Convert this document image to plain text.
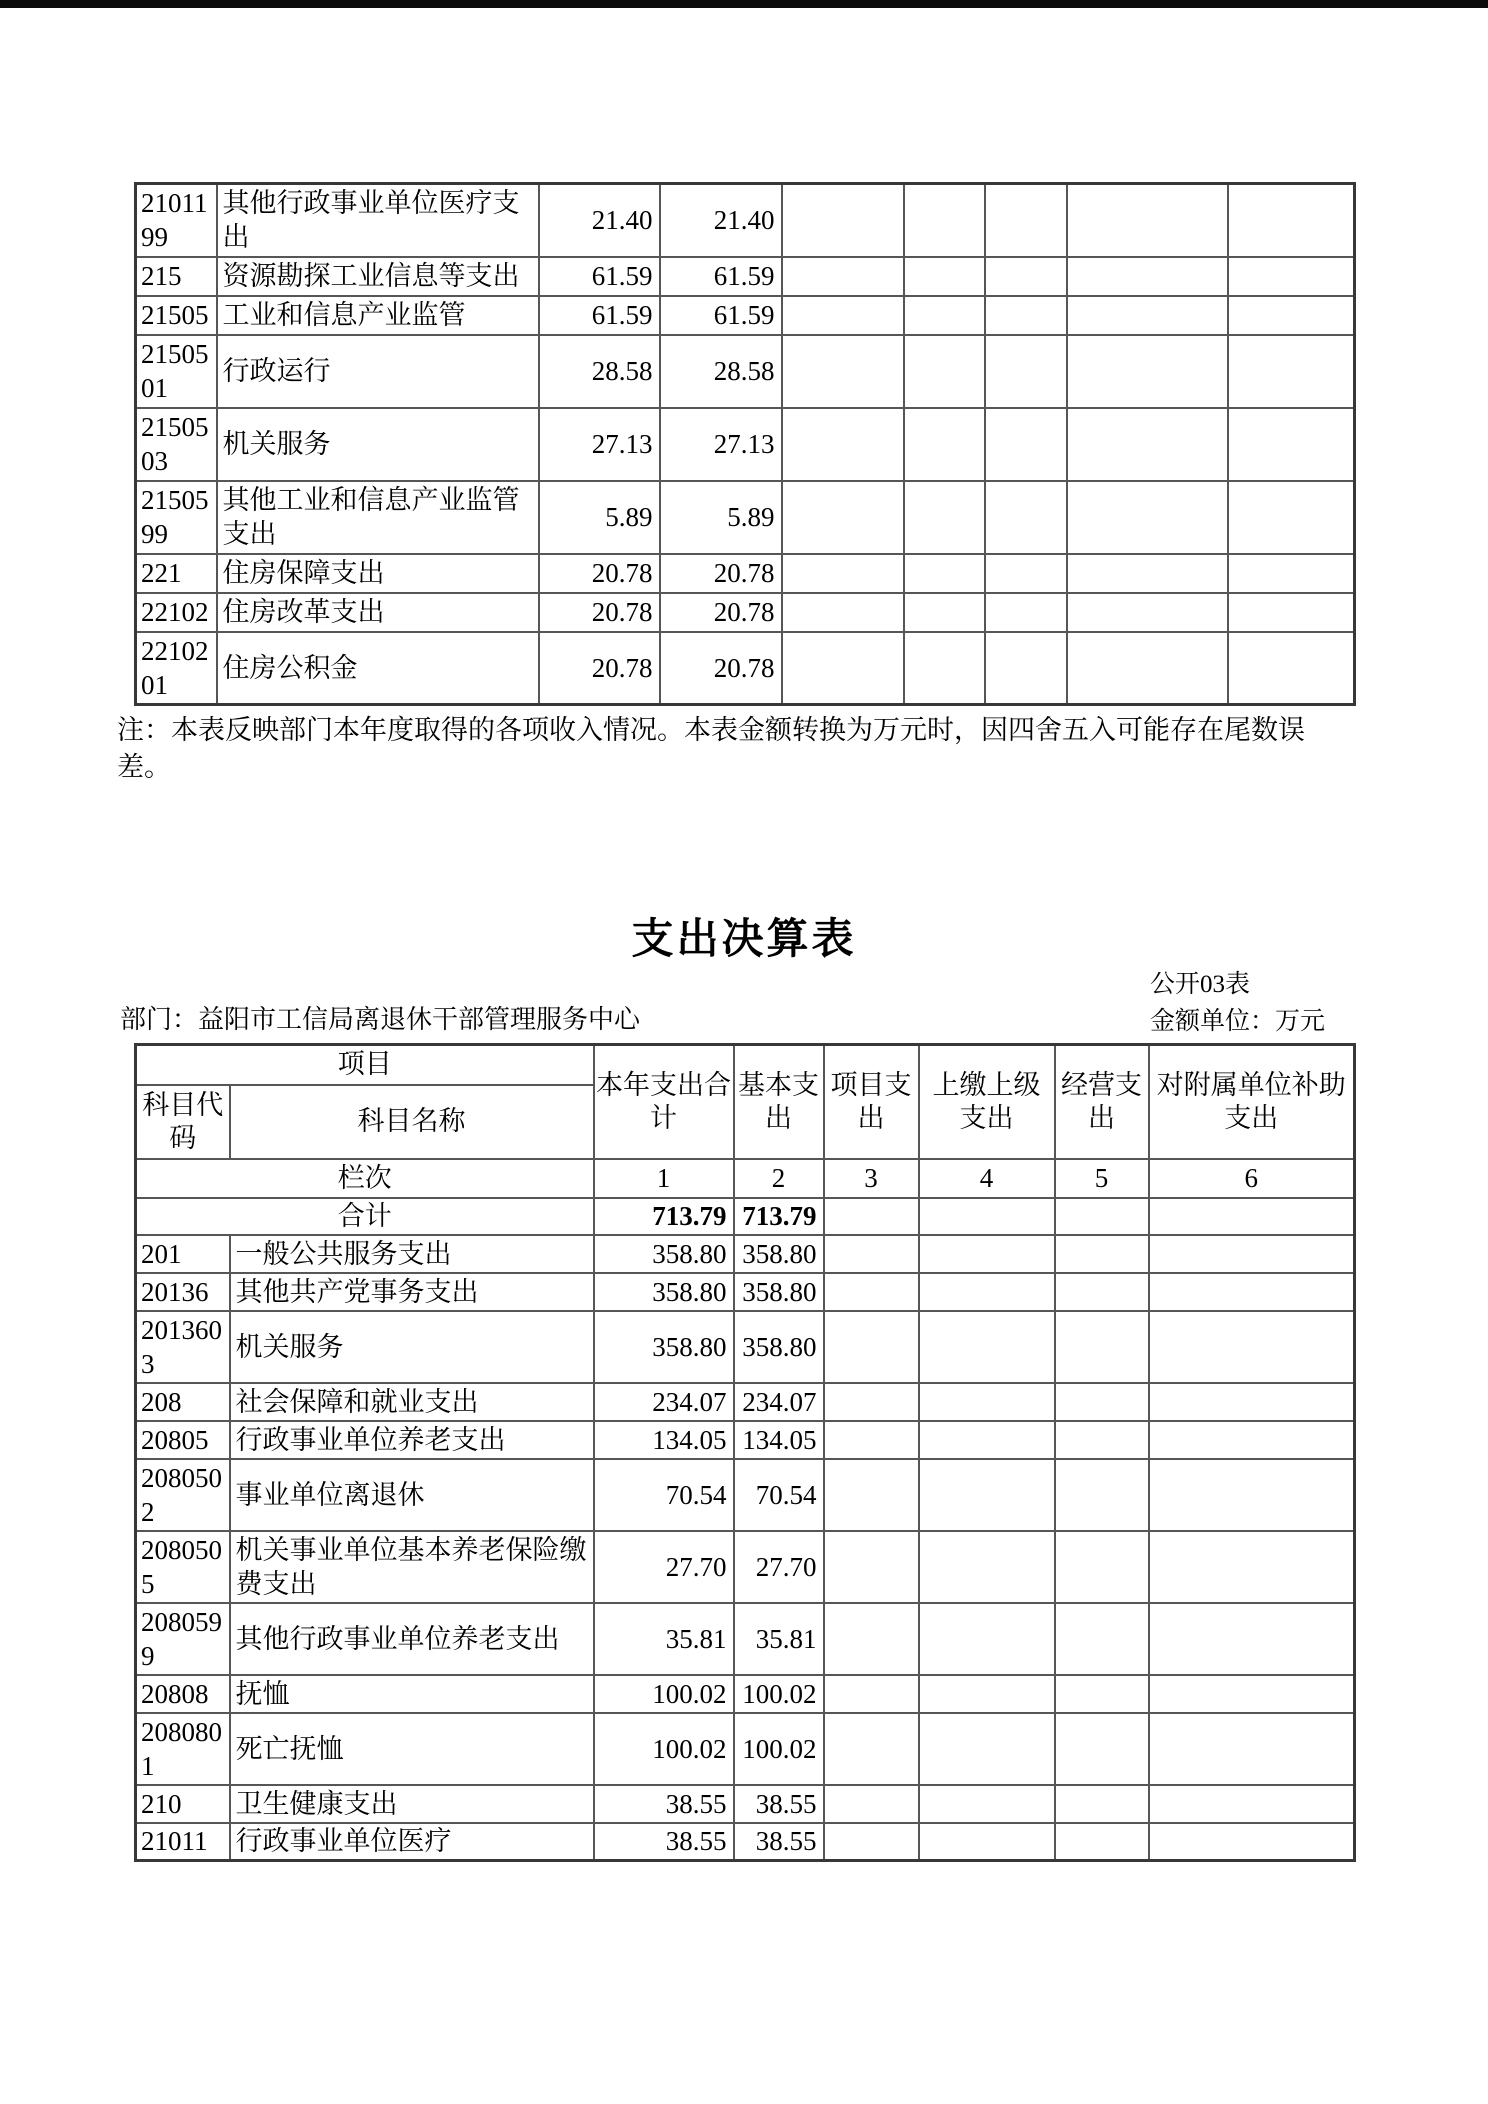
2101199	其他行政事业单位医疗支出	21.40	21.40					
215	资源勘探工业信息等支出	61.59	61.59					
21505	工业和信息产业监管	61.59	61.59					
2150501	行政运行	28.58	28.58					
2150503	机关服务	27.13	27.13					
2150599	其他工业和信息产业监管支出	5.89	5.89					
221	住房保障支出	20.78	20.78					
22102	住房改革支出	20.78	20.78					
2210201	住房公积金	20.78	20.78					
注：本表反映部门本年度取得的各项收入情况。本表金额转换为万元时，因四舍五入可能存在尾数误
差。
支出决算表
公开03表
部门：益阳市工信局离退休干部管理服务中心	金额单位：万元
项目		本年支出合计	基本支出	项目支出	上缴上级支出	经营支出	对附属单位补助支出
科目代码	科目名称						
栏次		1	2	3	4	5	6
合计		713.79	713.79				
201	一般公共服务支出	358.80	358.80				
20136	其他共产党事务支出	358.80	358.80				
2013603	机关服务	358.80	358.80				
208	社会保障和就业支出	234.07	234.07				
20805	行政事业单位养老支出	134.05	134.05				
2080502	事业单位离退休	70.54	70.54				
2080505	机关事业单位基本养老保险缴费支出	27.70	27.70				
2080599	其他行政事业单位养老支出	35.81	35.81				
20808	抚恤	100.02	100.02				
2080801	死亡抚恤	100.02	100.02				
210	卫生健康支出	38.55	38.55				
21011	行政事业单位医疗	38.55	38.55				
